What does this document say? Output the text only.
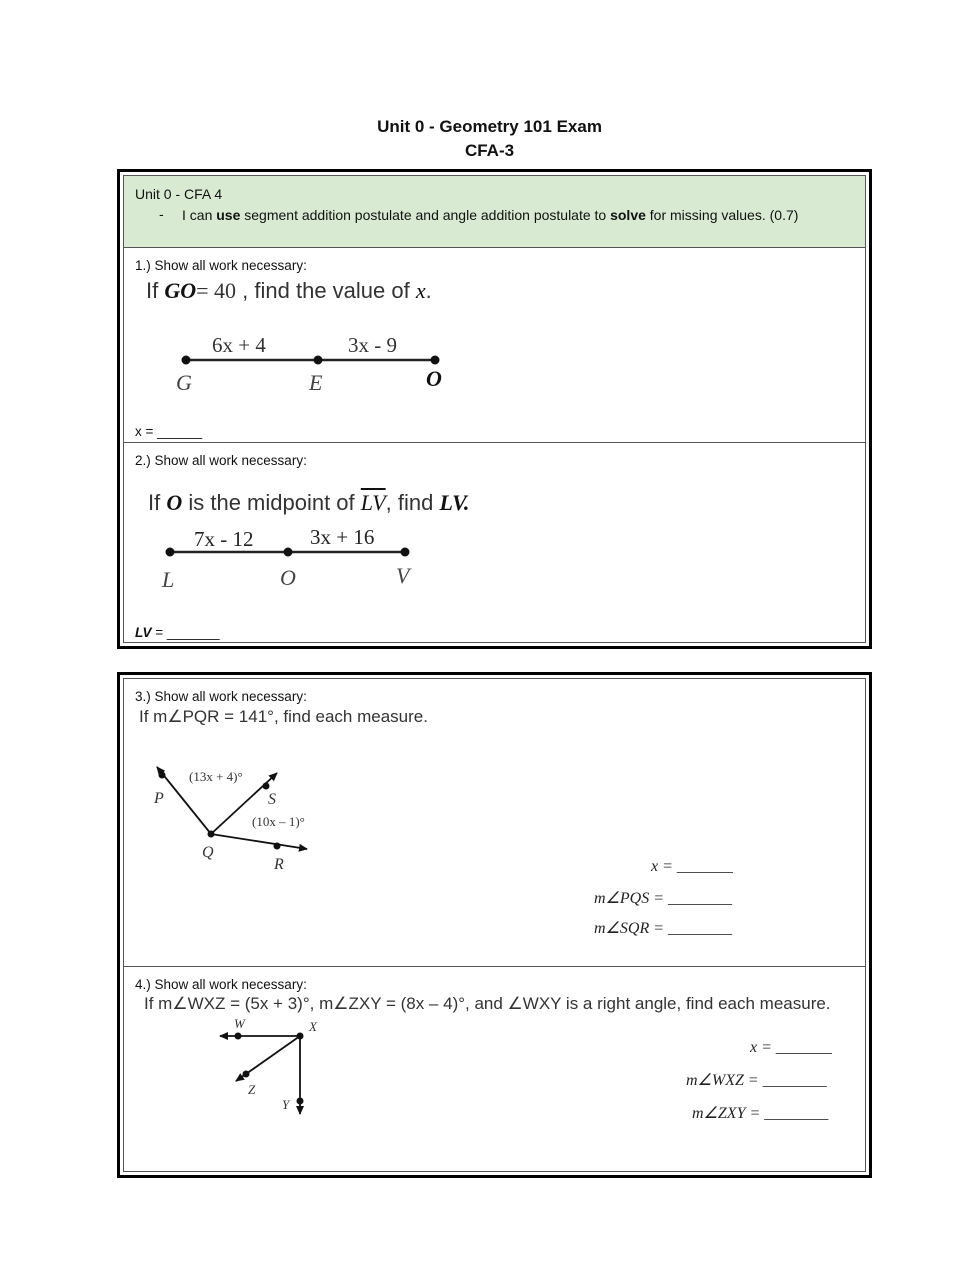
Unit 0 - Geometry 101 Exam
CFA-3
Unit 0 - CFA 4
- I can use segment addition postulate and angle addition postulate to solve for missing values. (0.7)
1.) Show all work necessary:
If GO= 40 , find the value of x.
6x + 4	3x - 9
G	E	O
x = ______
2.) Show all work necessary:
If O is the midpoint of $\overline{LV}$, find LV.
7x - 12	3x + 16
L	O	V
LV = _______
3.) Show all work necessary:
If m∠PQR = 141°, find each measure.
(13x + 4)°
(10x – 1)°
P	S
Q
R	x = _______
m∠PQS = ________
m∠SQR = ________
4.) Show all work necessary:
If m∠WXZ = (5x + 3)°, m∠ZXY = (8x – 4)°, and ∠WXY is a right angle, find each measure.
W	X
Z
Y
x = _______
m∠WXZ = ________
m∠ZXY = ________
